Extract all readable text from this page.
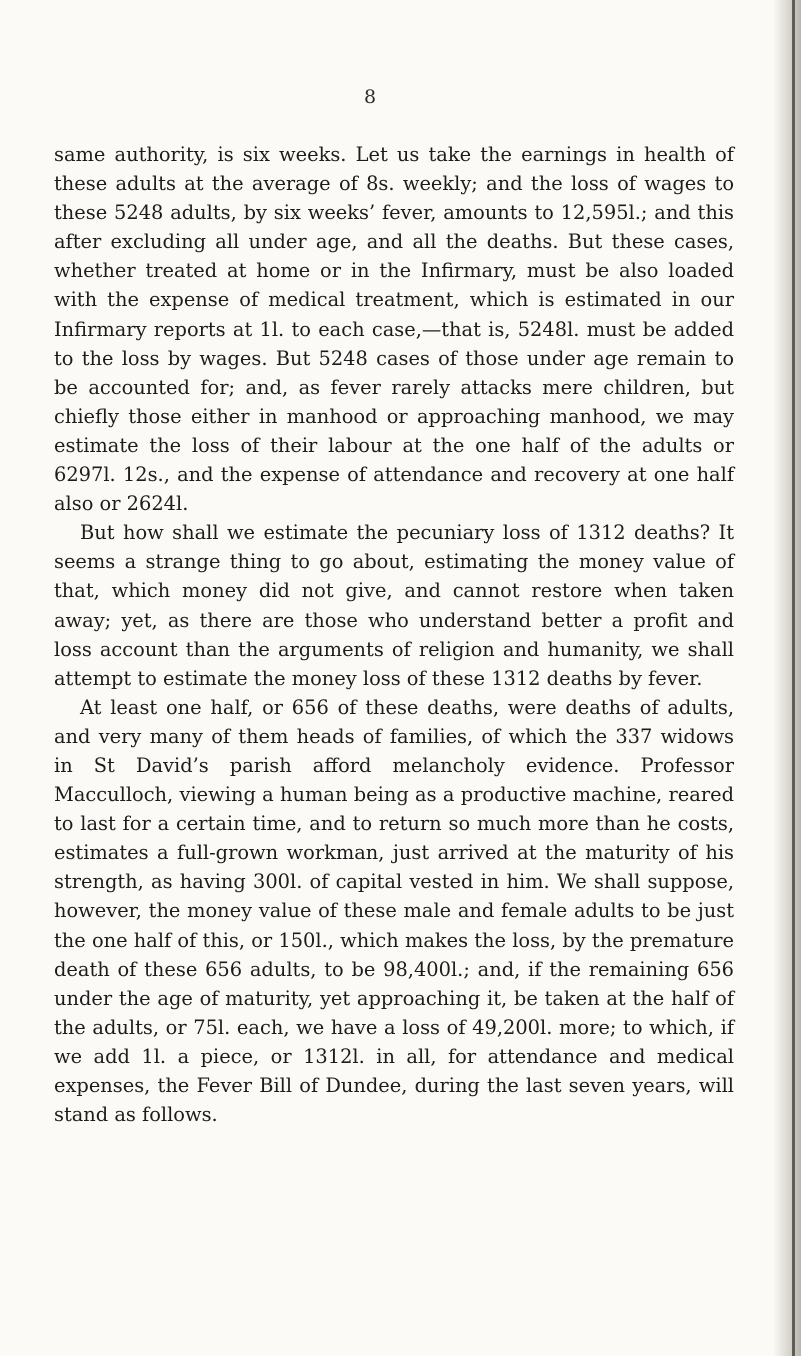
8

same authority, is six weeks. Let us take the earnings in health of these adults at the average of 8s. weekly; and the loss of wages to these 5248 adults, by six weeks’ fever, amounts to 12,595l.; and this after excluding all under age, and all the deaths. But these cases, whether treated at home or in the Infirmary, must be also loaded with the expense of medical treatment, which is estimated in our Infirmary reports at 1l. to each case,—that is, 5248l. must be added to the loss by wages. But 5248 cases of those under age remain to be accounted for; and, as fever rarely attacks mere children, but chiefly those either in manhood or approaching manhood, we may estimate the loss of their labour at the one half of the adults or 6297l. 12s., and the expense of attendance and recovery at one half also or 2624l.

But how shall we estimate the pecuniary loss of 1312 deaths? It seems a strange thing to go about, estimating the money value of that, which money did not give, and cannot restore when taken away; yet, as there are those who understand better a profit and loss account than the arguments of religion and humanity, we shall attempt to estimate the money loss of these 1312 deaths by fever.

At least one half, or 656 of these deaths, were deaths of adults, and very many of them heads of families, of which the 337 widows in St David’s parish afford melancholy evidence. Professor Macculloch, viewing a human being as a productive machine, reared to last for a certain time, and to return so much more than he costs, estimates a full-grown workman, just arrived at the maturity of his strength, as having 300l. of capital vested in him. We shall suppose, however, the money value of these male and female adults to be just the one half of this, or 150l., which makes the loss, by the premature death of these 656 adults, to be 98,400l.; and, if the remaining 656 under the age of maturity, yet approaching it, be taken at the half of the adults, or 75l. each, we have a loss of 49,200l. more; to which, if we add 1l. a piece, or 1312l. in all, for attendance and medical expenses, the Fever Bill of Dundee, during the last seven years, will stand as follows.
